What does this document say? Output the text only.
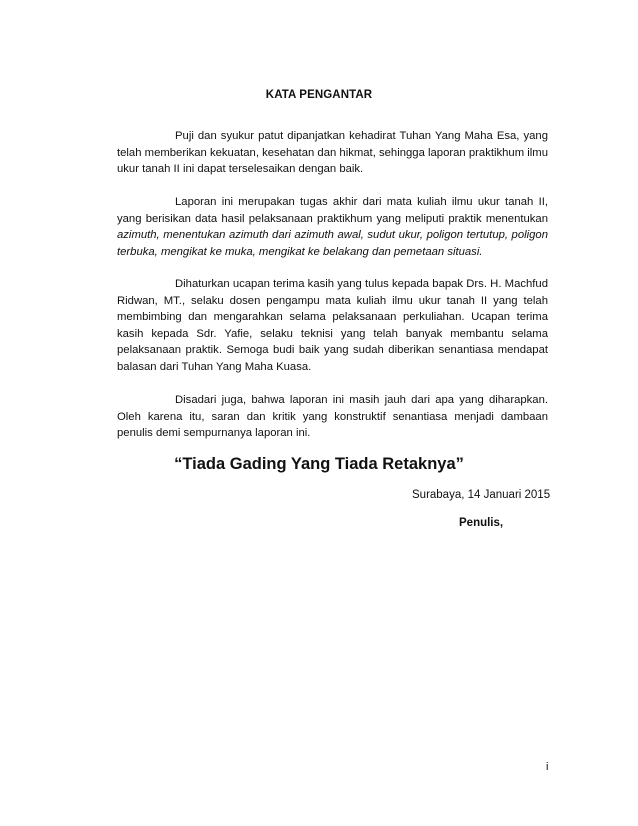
KATA PENGANTAR

Puji dan syukur patut dipanjatkan kehadirat Tuhan Yang Maha Esa, yang telah memberikan kekuatan, kesehatan dan hikmat, sehingga laporan praktikhum ilmu ukur tanah II ini dapat terselesaikan dengan baik.

Laporan ini merupakan tugas akhir dari mata kuliah ilmu ukur tanah II, yang berisikan data hasil pelaksanaan praktikhum yang meliputi praktik menentukan azimuth, menentukan azimuth dari azimuth awal, sudut ukur, poligon tertutup, poligon terbuka, mengikat ke muka, mengikat ke belakang dan pemetaan situasi.

Dihaturkan ucapan terima kasih yang tulus kepada bapak Drs. H. Machfud Ridwan, MT., selaku dosen pengampu mata kuliah ilmu ukur tanah II yang telah membimbing dan mengarahkan selama pelaksanaan perkuliahan. Ucapan terima kasih kepada Sdr. Yafie, selaku teknisi yang telah banyak membantu selama pelaksanaan praktik. Semoga budi baik yang sudah diberikan senantiasa mendapat balasan dari Tuhan Yang Maha Kuasa.

Disadari juga, bahwa laporan ini masih jauh dari apa yang diharapkan. Oleh karena itu, saran dan kritik yang konstruktif senantiasa menjadi dambaan penulis demi sempurnanya laporan ini.

“Tiada Gading Yang Tiada Retaknya”
Surabaya, 14 Januari 2015
Penulis,
i
